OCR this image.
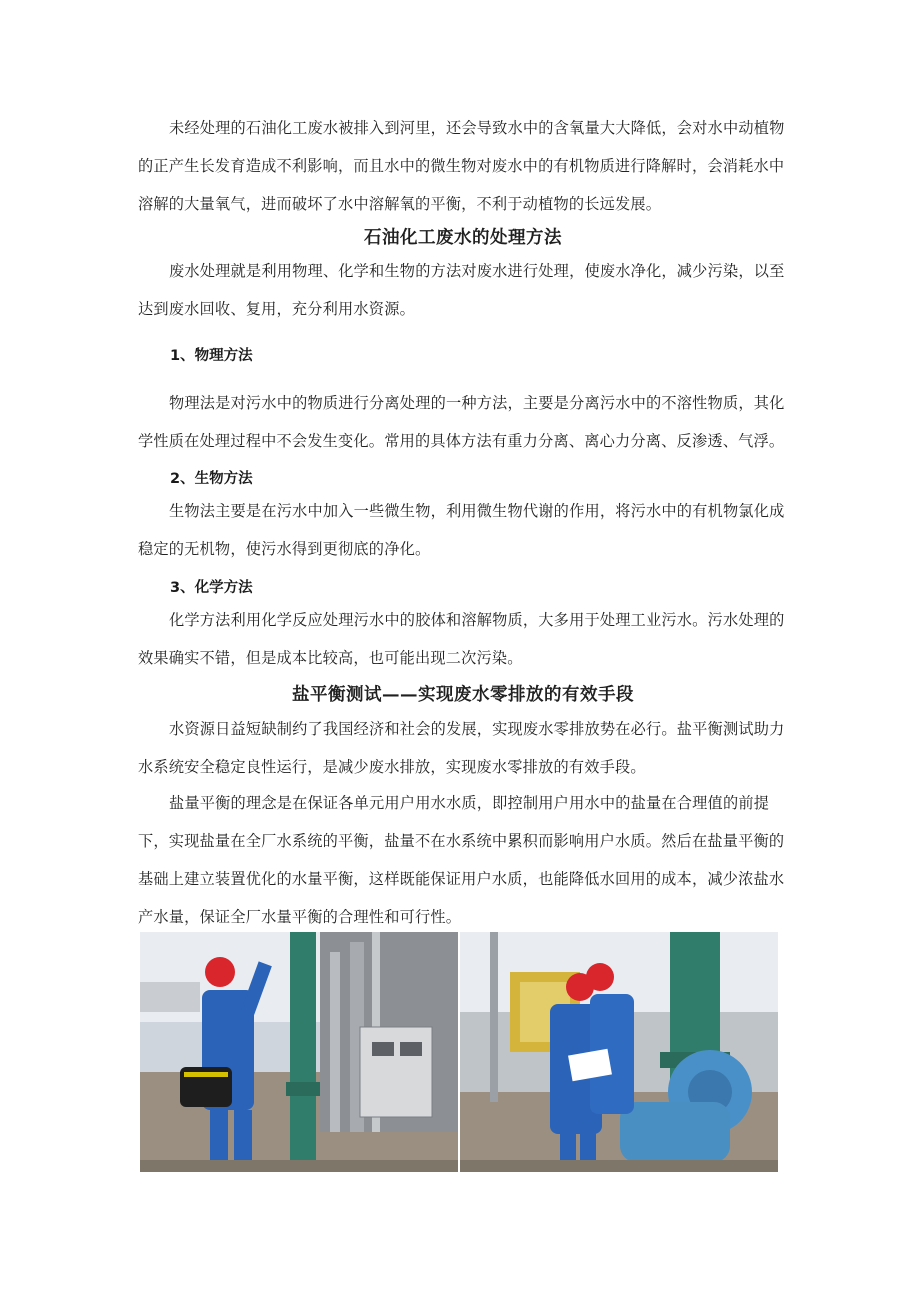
未经处理的石油化工废水被排入到河里，还会导致水中的含氧量大大降低，会对水中动植物的正产生长发育造成不利影响，而且水中的微生物对废水中的有机物质进行降解时，会消耗水中溶解的大量氧气，进而破坏了水中溶解氧的平衡，不利于动植物的长远发展。

石油化工废水的处理方法

废水处理就是利用物理、化学和生物的方法对废水进行处理，使废水净化，减少污染，以至达到废水回收、复用，充分利用水资源。

1、物理方法

物理法是对污水中的物质进行分离处理的一种方法，主要是分离污水中的不溶性物质，其化学性质在处理过程中不会发生变化。常用的具体方法有重力分离、离心力分离、反渗透、气浮。

2、生物方法

生物法主要是在污水中加入一些微生物，利用微生物代谢的作用，将污水中的有机物氯化成稳定的无机物，使污水得到更彻底的净化。

3、化学方法

化学方法利用化学反应处理污水中的胶体和溶解物质，大多用于处理工业污水。污水处理的效果确实不错，但是成本比较高，也可能出现二次污染。

盐平衡测试——实现废水零排放的有效手段

水资源日益短缺制约了我国经济和社会的发展，实现废水零排放势在必行。盐平衡测试助力水系统安全稳定良性运行，是减少废水排放，实现废水零排放的有效手段。

盐量平衡的理念是在保证各单元用户用水水质，即控制用户用水中的盐量在合理值的前提下，实现盐量在全厂水系统的平衡，盐量不在水系统中累积而影响用户水质。然后在盐量平衡的基础上建立装置优化的水量平衡，这样既能保证用户水质，也能降低水回用的成本，减少浓盐水产水量，保证全厂水量平衡的合理性和可行性。
